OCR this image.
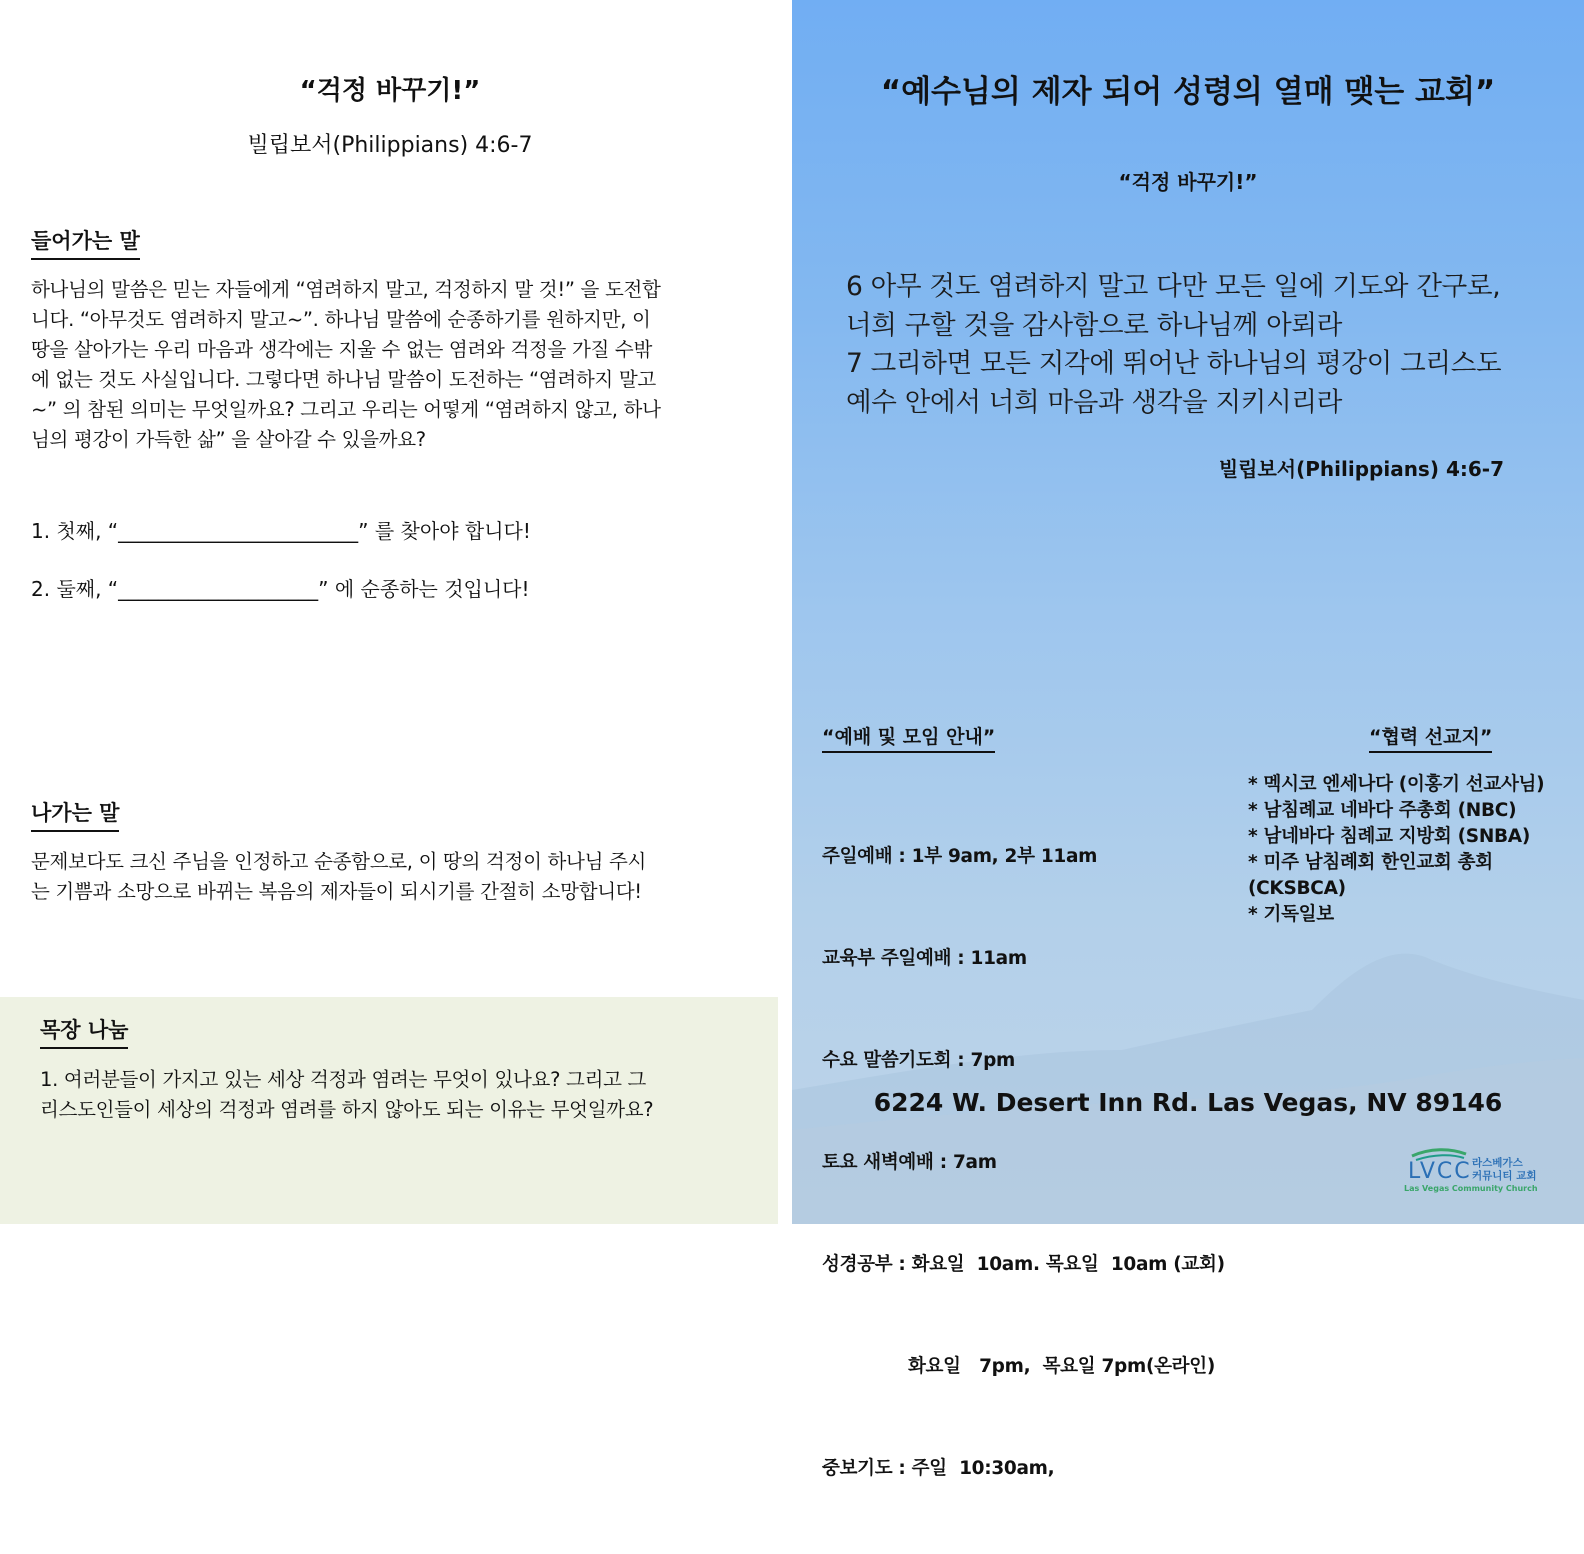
“걱정 바꾸기!”

빌립보서(Philippians) 4:6-7

들어가는 말
하나님의 말씀은 믿는 자들에게 “염려하지 말고, 걱정하지 말 것!” 을 도전합
니다. “아무것도 염려하지 말고~”. 하나님 말씀에 순종하기를 원하지만, 이
땅을 살아가는 우리 마음과 생각에는 지울 수 없는 염려와 걱정을 가질 수밖
에 없는 것도 사실입니다. 그렇다면 하나님 말씀이 도전하는 “염려하지 말고
~” 의 참된 의미는 무엇일까요? 그리고 우리는 어떻게 “염려하지 않고, 하나
님의 평강이 가득한 삶” 을 살아갈 수 있을까요?

1. 첫째, “________________________” 를 찾아야 합니다!

2. 둘째, “____________________” 에 순종하는 것입니다!

나가는 말
문제보다도 크신 주님을 인정하고 순종함으로, 이 땅의 걱정이 하나님 주시
는 기쁨과 소망으로 바뀌는 복음의 제자들이 되시기를 간절히 소망합니다!
목장 나눔
1. 여러분들이 가지고 있는 세상 걱정과 염려는 무엇이 있나요? 그리고 그
리스도인들이 세상의 걱정과 염려를 하지 않아도 되는 이유는 무엇일까요?

“예수님의 제자 되어 성령의 열매 맺는 교회”

“걱정 바꾸기!”

6 아무 것도 염려하지 말고 다만 모든 일에 기도와 간구로,
너희 구할 것을 감사함으로 하나님께 아뢰라
7 그리하면 모든 지각에 뛰어난 하나님의 평강이 그리스도
예수 안에서 너희 마음과 생각을 지키시리라

빌립보서(Philippians) 4:6-7

“예배 및 모임 안내”

주일예배 : 1부 9am, 2부 11am

교육부 주일예배 : 11am

수요 말씀기도회 : 7pm

토요 새벽예배 : 7am

성경공부 : 화요일  10am. 목요일  10am (교회)

화요일   7pm,  목요일 7pm(온라인)

중보기도 : 주일  10:30am,

“협력 선교지”
* 멕시코 엔세나다 (이홍기 선교사님)
* 남침례교 네바다 주총회 (NBC)
* 남네바다 침례교 지방회 (SNBA)
* 미주 남침례회 한인교회 총회
(CKSBCA)
* 기독일보

6224 W. Desert Inn Rd. Las Vegas, NV 89146

LVCC 라스베가스
커뮤니티 교회
Las Vegas Community Church
